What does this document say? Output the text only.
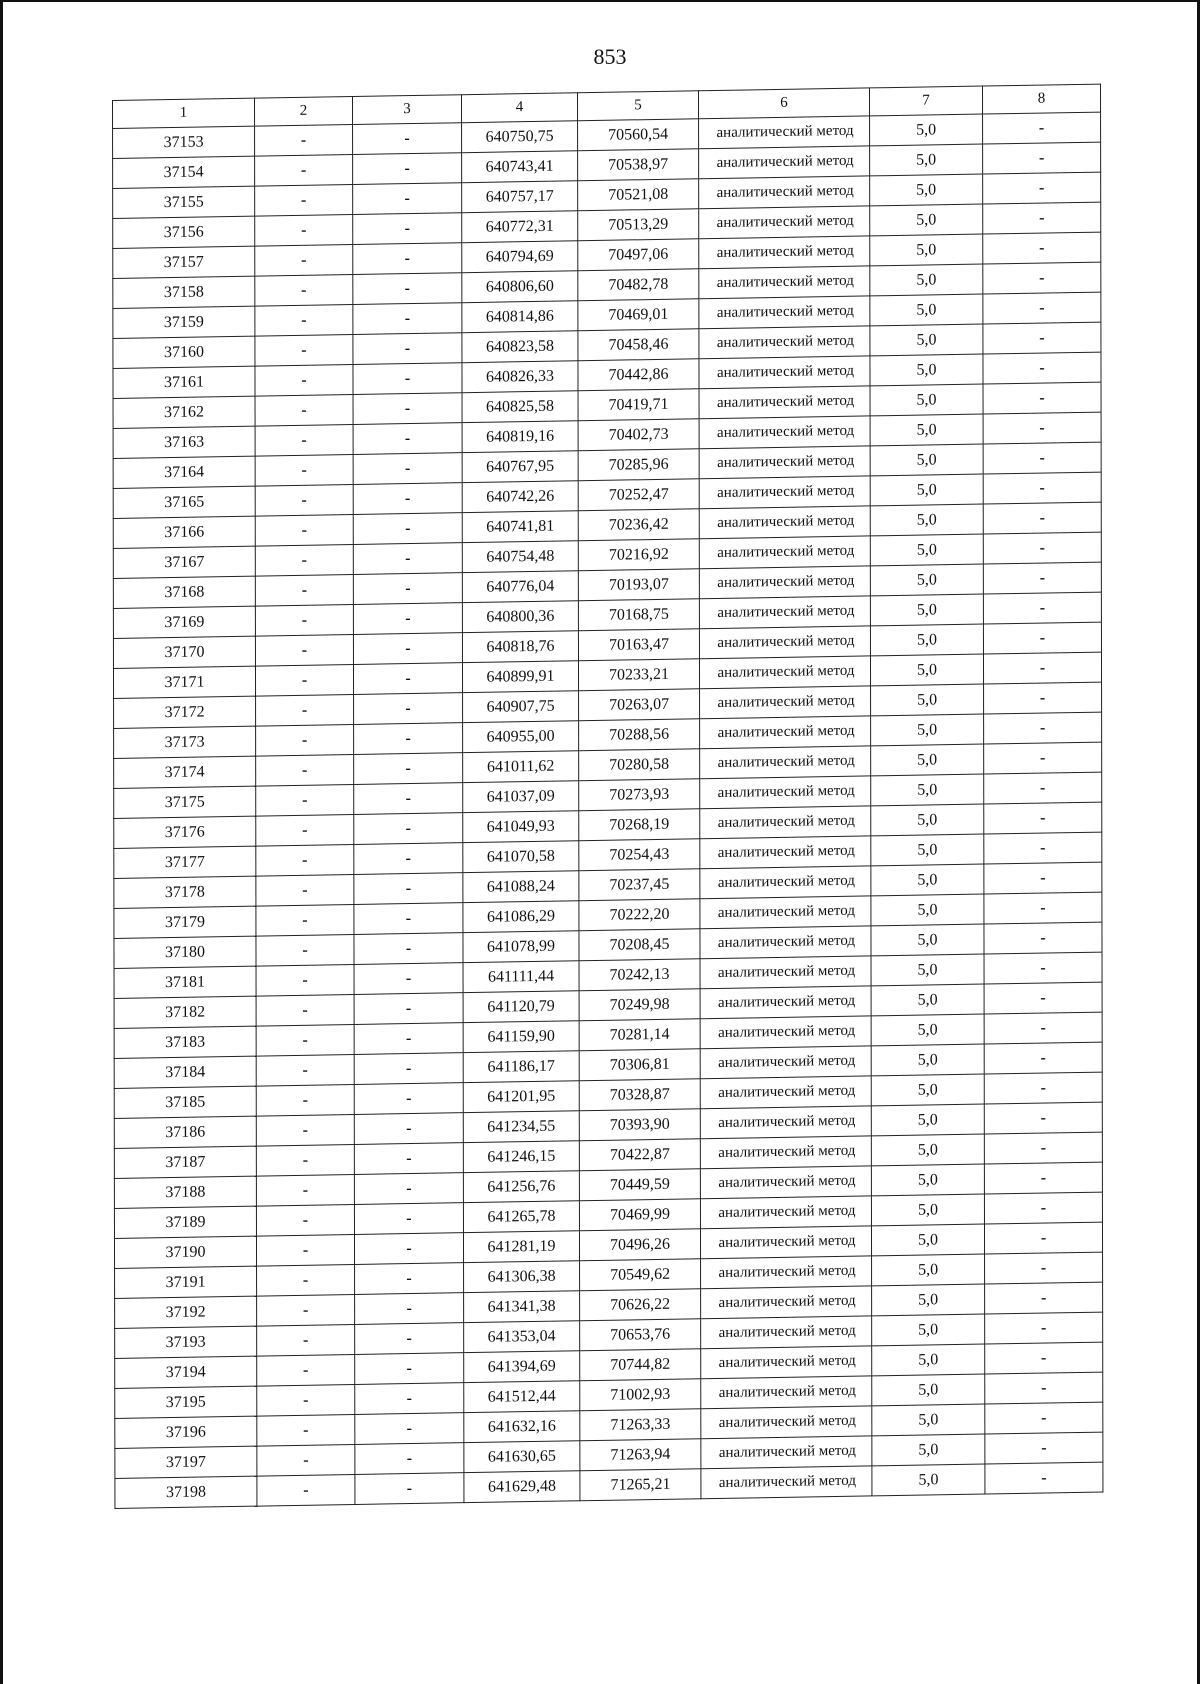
853
1	2	3	4	5	6	7	8
37153	-	-	640750,75	70560,54	аналитический метод	5,0	-
37154	-	-	640743,41	70538,97	аналитический метод	5,0	-
37155	-	-	640757,17	70521,08	аналитический метод	5,0	-
37156	-	-	640772,31	70513,29	аналитический метод	5,0	-
37157	-	-	640794,69	70497,06	аналитический метод	5,0	-
37158	-	-	640806,60	70482,78	аналитический метод	5,0	-
37159	-	-	640814,86	70469,01	аналитический метод	5,0	-
37160	-	-	640823,58	70458,46	аналитический метод	5,0	-
37161	-	-	640826,33	70442,86	аналитический метод	5,0	-
37162	-	-	640825,58	70419,71	аналитический метод	5,0	-
37163	-	-	640819,16	70402,73	аналитический метод	5,0	-
37164	-	-	640767,95	70285,96	аналитический метод	5,0	-
37165	-	-	640742,26	70252,47	аналитический метод	5,0	-
37166	-	-	640741,81	70236,42	аналитический метод	5,0	-
37167	-	-	640754,48	70216,92	аналитический метод	5,0	-
37168	-	-	640776,04	70193,07	аналитический метод	5,0	-
37169	-	-	640800,36	70168,75	аналитический метод	5,0	-
37170	-	-	640818,76	70163,47	аналитический метод	5,0	-
37171	-	-	640899,91	70233,21	аналитический метод	5,0	-
37172	-	-	640907,75	70263,07	аналитический метод	5,0	-
37173	-	-	640955,00	70288,56	аналитический метод	5,0	-
37174	-	-	641011,62	70280,58	аналитический метод	5,0	-
37175	-	-	641037,09	70273,93	аналитический метод	5,0	-
37176	-	-	641049,93	70268,19	аналитический метод	5,0	-
37177	-	-	641070,58	70254,43	аналитический метод	5,0	-
37178	-	-	641088,24	70237,45	аналитический метод	5,0	-
37179	-	-	641086,29	70222,20	аналитический метод	5,0	-
37180	-	-	641078,99	70208,45	аналитический метод	5,0	-
37181	-	-	641111,44	70242,13	аналитический метод	5,0	-
37182	-	-	641120,79	70249,98	аналитический метод	5,0	-
37183	-	-	641159,90	70281,14	аналитический метод	5,0	-
37184	-	-	641186,17	70306,81	аналитический метод	5,0	-
37185	-	-	641201,95	70328,87	аналитический метод	5,0	-
37186	-	-	641234,55	70393,90	аналитический метод	5,0	-
37187	-	-	641246,15	70422,87	аналитический метод	5,0	-
37188	-	-	641256,76	70449,59	аналитический метод	5,0	-
37189	-	-	641265,78	70469,99	аналитический метод	5,0	-
37190	-	-	641281,19	70496,26	аналитический метод	5,0	-
37191	-	-	641306,38	70549,62	аналитический метод	5,0	-
37192	-	-	641341,38	70626,22	аналитический метод	5,0	-
37193	-	-	641353,04	70653,76	аналитический метод	5,0	-
37194	-	-	641394,69	70744,82	аналитический метод	5,0	-
37195	-	-	641512,44	71002,93	аналитический метод	5,0	-
37196	-	-	641632,16	71263,33	аналитический метод	5,0	-
37197	-	-	641630,65	71263,94	аналитический метод	5,0	-
37198	-	-	641629,48	71265,21	аналитический метод	5,0	-
